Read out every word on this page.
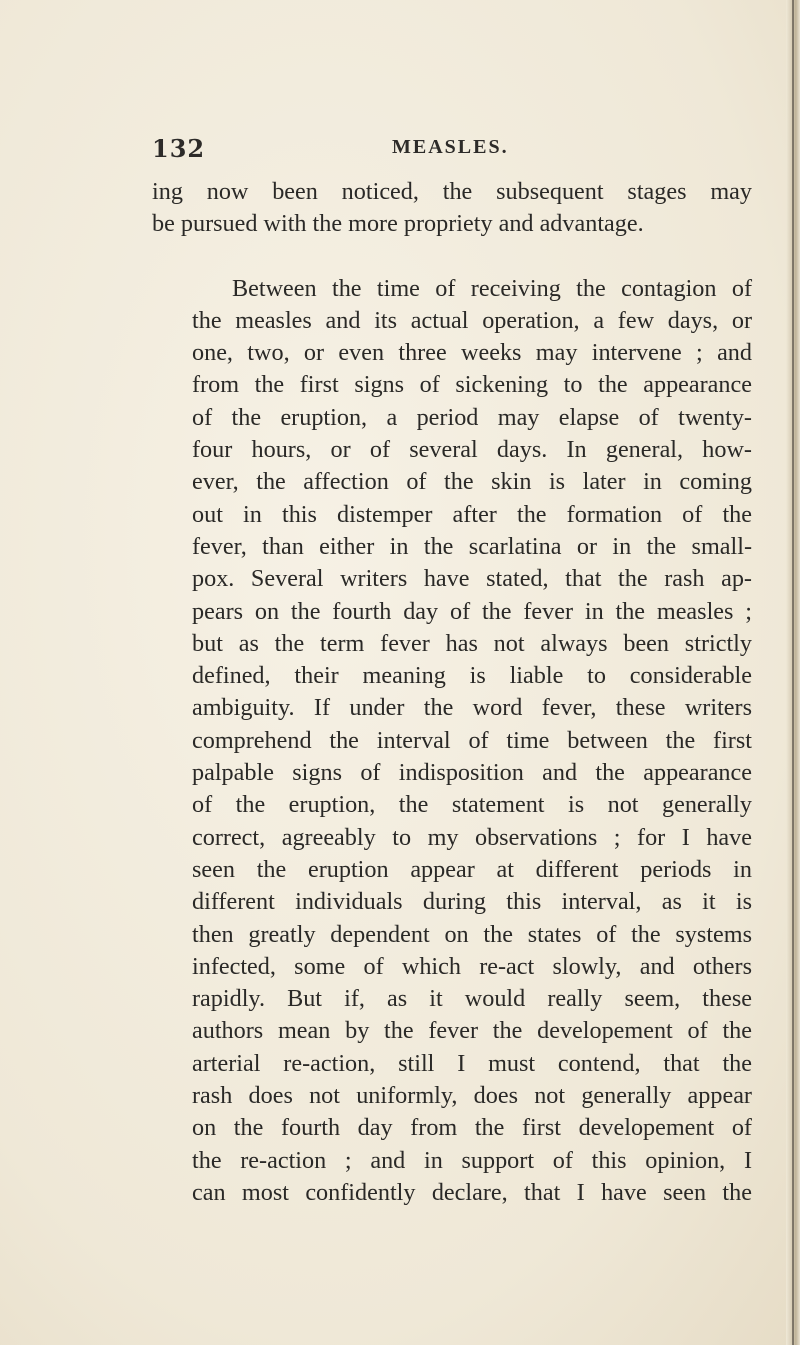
132	MEASLES.

ing now been noticed, the subsequent stages may
be pursued with the more propriety and advantage.

Between the time of receiving the contagion of
the measles and its actual operation, a few days, or
one, two, or even three weeks may intervene ; and
from the first signs of sickening to the appearance
of the eruption, a period may elapse of twenty-
four hours, or of several days. In general, how-
ever, the affection of the skin is later in coming
out in this distemper after the formation of the
fever, than either in the scarlatina or in the small-
pox. Several writers have stated, that the rash ap-
pears on the fourth day of the fever in the measles ;
but as the term fever has not always been strictly
defined, their meaning is liable to considerable
ambiguity. If under the word fever, these writers
comprehend the interval of time between the first
palpable signs of indisposition and the appearance
of the eruption, the statement is not generally
correct, agreeably to my observations ; for I have
seen the eruption appear at different periods in
different individuals during this interval, as it is
then greatly dependent on the states of the systems
infected, some of which re-act slowly, and others
rapidly. But if, as it would really seem, these
authors mean by the fever the developement of the
arterial re-action, still I must contend, that the
rash does not uniformly, does not generally appear
on the fourth day from the first developement of
the re-action ; and in support of this opinion, I
can most confidently declare, that I have seen the
